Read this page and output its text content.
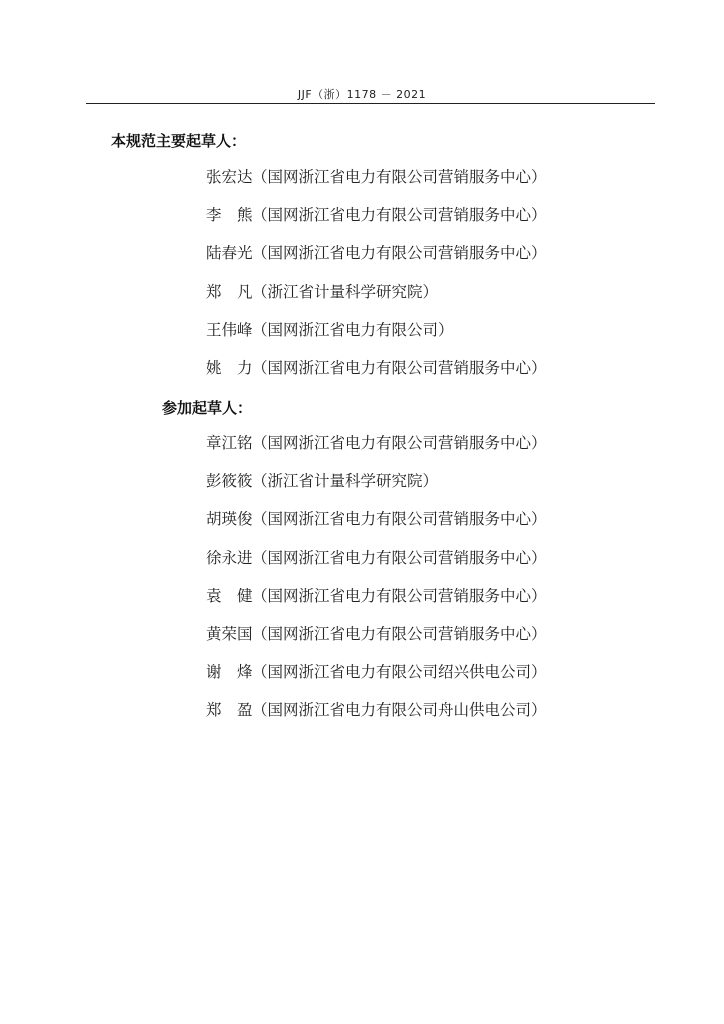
JJF（浙）1178 － 2021
本规范主要起草人：
张宏达（国网浙江省电力有限公司营销服务中心）
李　熊（国网浙江省电力有限公司营销服务中心）
陆春光（国网浙江省电力有限公司营销服务中心）
郑　凡（浙江省计量科学研究院）
王伟峰（国网浙江省电力有限公司）
姚　力（国网浙江省电力有限公司营销服务中心）
参加起草人：
章江铭（国网浙江省电力有限公司营销服务中心）
彭筱筱（浙江省计量科学研究院）
胡瑛俊（国网浙江省电力有限公司营销服务中心）
徐永进（国网浙江省电力有限公司营销服务中心）
袁　健（国网浙江省电力有限公司营销服务中心）
黄荣国（国网浙江省电力有限公司营销服务中心）
谢　烽（国网浙江省电力有限公司绍兴供电公司）
郑　盈（国网浙江省电力有限公司舟山供电公司）
